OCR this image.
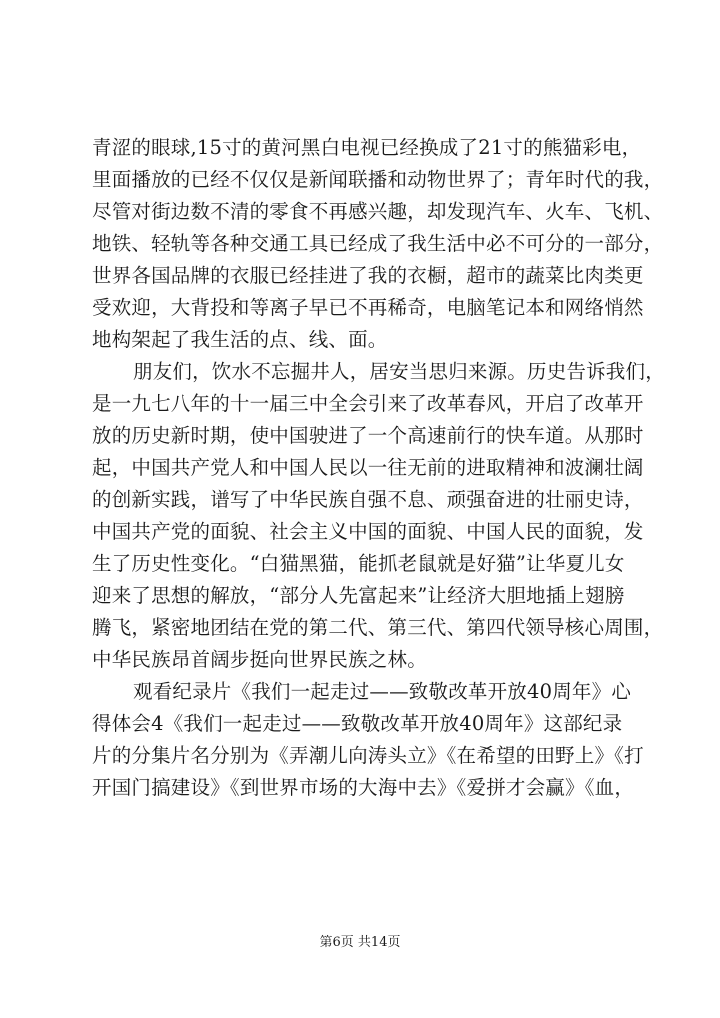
青涩的眼球,15寸的黄河黑白电视已经换成了21寸的熊猫彩电，
里面播放的已经不仅仅是新闻联播和动物世界了；青年时代的我，
尽管对街边数不清的零食不再感兴趣，却发现汽车、火车、飞机、
地铁、轻轨等各种交通工具已经成了我生活中必不可分的一部分，
世界各国品牌的衣服已经挂进了我的衣橱，超市的蔬菜比肉类更
受欢迎，大背投和等离子早已不再稀奇，电脑笔记本和网络悄然
地构架起了我生活的点、线、面。
朋友们，饮水不忘掘井人，居安当思归来源。历史告诉我们，
是一九七八年的十一届三中全会引来了改革春风，开启了改革开
放的历史新时期，使中国驶进了一个高速前行的快车道。从那时
起，中国共产党人和中国人民以一往无前的进取精神和波澜壮阔
的创新实践，谱写了中华民族自强不息、顽强奋进的壮丽史诗，
中国共产党的面貌、社会主义中国的面貌、中国人民的面貌，发
生了历史性变化。“白猫黑猫，能抓老鼠就是好猫”让华夏儿女
迎来了思想的解放，“部分人先富起来”让经济大胆地插上翅膀
腾飞，紧密地团结在党的第二代、第三代、第四代领导核心周围，
中华民族昂首阔步挺向世界民族之林。
观看纪录片《我们一起走过——致敬改革开放40周年》心
得体会4《我们一起走过——致敬改革开放40周年》这部纪录
片的分集片名分别为《弄潮儿向涛头立》《在希望的田野上》《打
开国门搞建设》《到世界市场的大海中去》《爱拼才会赢》《血，
第6页 共14页
